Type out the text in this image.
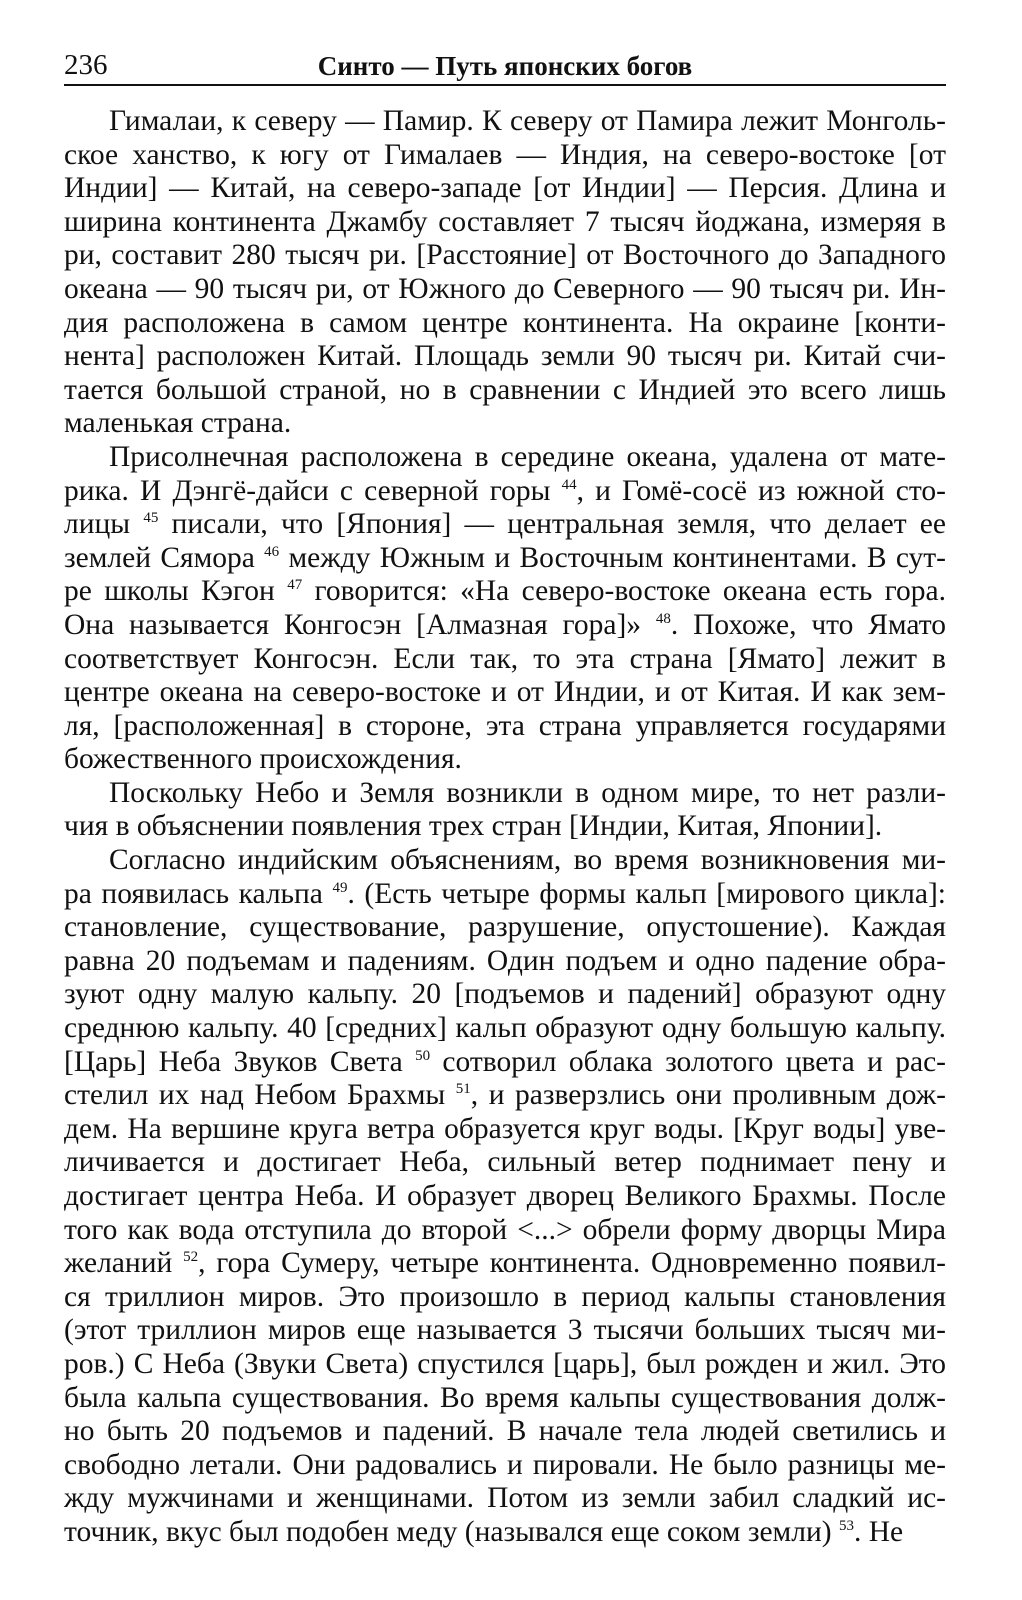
236	Синто — Путь японских богов
Гималаи, к северу — Памир. К северу от Памира лежит Монголь-
ское ханство, к югу от Гималаев — Индия, на северо-востоке [от
Индии] — Китай, на северо-западе [от Индии] — Персия. Длина и
ширина континента Джамбу составляет 7 тысяч йоджана, измеряя в
ри, составит 280 тысяч ри. [Расстояние] от Восточного до Западного
океана — 90 тысяч ри, от Южного до Северного — 90 тысяч ри. Ин-
дия расположена в самом центре континента. На окраине [конти-
нента] расположен Китай. Площадь земли 90 тысяч ри. Китай счи-
тается большой страной, но в сравнении с Индией это всего лишь
маленькая страна.
Присолнечная расположена в середине океана, удалена от мате-
рика. И Дэнгё-дайси с северной горы $^{44}$, и Гомё-сосё из южной сто-
лицы $^{45}$ писали, что [Япония] — центральная земля, что делает ее
землей Сямора $^{46}$ между Южным и Восточным континентами. В сут-
ре школы Кэгон $^{47}$ говорится: «На северо-востоке океана есть гора.
Она называется Конгосэн [Алмазная гора]» $^{48}$. Похоже, что Ямато
соответствует Конгосэн. Если так, то эта страна [Ямато] лежит в
центре океана на северо-востоке и от Индии, и от Китая. И как зем-
ля, [расположенная] в стороне, эта страна управляется государями
божественного происхождения.
Поскольку Небо и Земля возникли в одном мире, то нет разли-
чия в объяснении появления трех стран [Индии, Китая, Японии].
Согласно индийским объяснениям, во время возникновения ми-
ра появилась кальпа $^{49}$. (Есть четыре формы кальп [мирового цикла]:
становление, существование, разрушение, опустошение). Каждая
равна 20 подъемам и падениям. Один подъем и одно падение обра-
зуют одну малую кальпу. 20 [подъемов и падений] образуют одну
среднюю кальпу. 40 [средних] кальп образуют одну большую кальпу.
[Царь] Неба Звуков Света $^{50}$ сотворил облака золотого цвета и рас-
стелил их над Небом Брахмы $^{51}$, и разверзлись они проливным дож-
дем. На вершине круга ветра образуется круг воды. [Круг воды] уве-
личивается и достигает Неба, сильный ветер поднимает пену и
достигает центра Неба. И образует дворец Великого Брахмы. После
того как вода отступила до второй <...> обрели форму дворцы Мира
желаний $^{52}$, гора Сумеру, четыре континента. Одновременно появил-
ся триллион миров. Это произошло в период кальпы становления
(этот триллион миров еще называется 3 тысячи больших тысяч ми-
ров.) С Неба (Звуки Света) спустился [царь], был рожден и жил. Это
была кальпа существования. Во время кальпы существования долж-
но быть 20 подъемов и падений. В начале тела людей светились и
свободно летали. Они радовались и пировали. Не было разницы ме-
жду мужчинами и женщинами. Потом из земли забил сладкий ис-
точник, вкус был подобен меду (назывался еще соком земли) $^{53}$. Не
